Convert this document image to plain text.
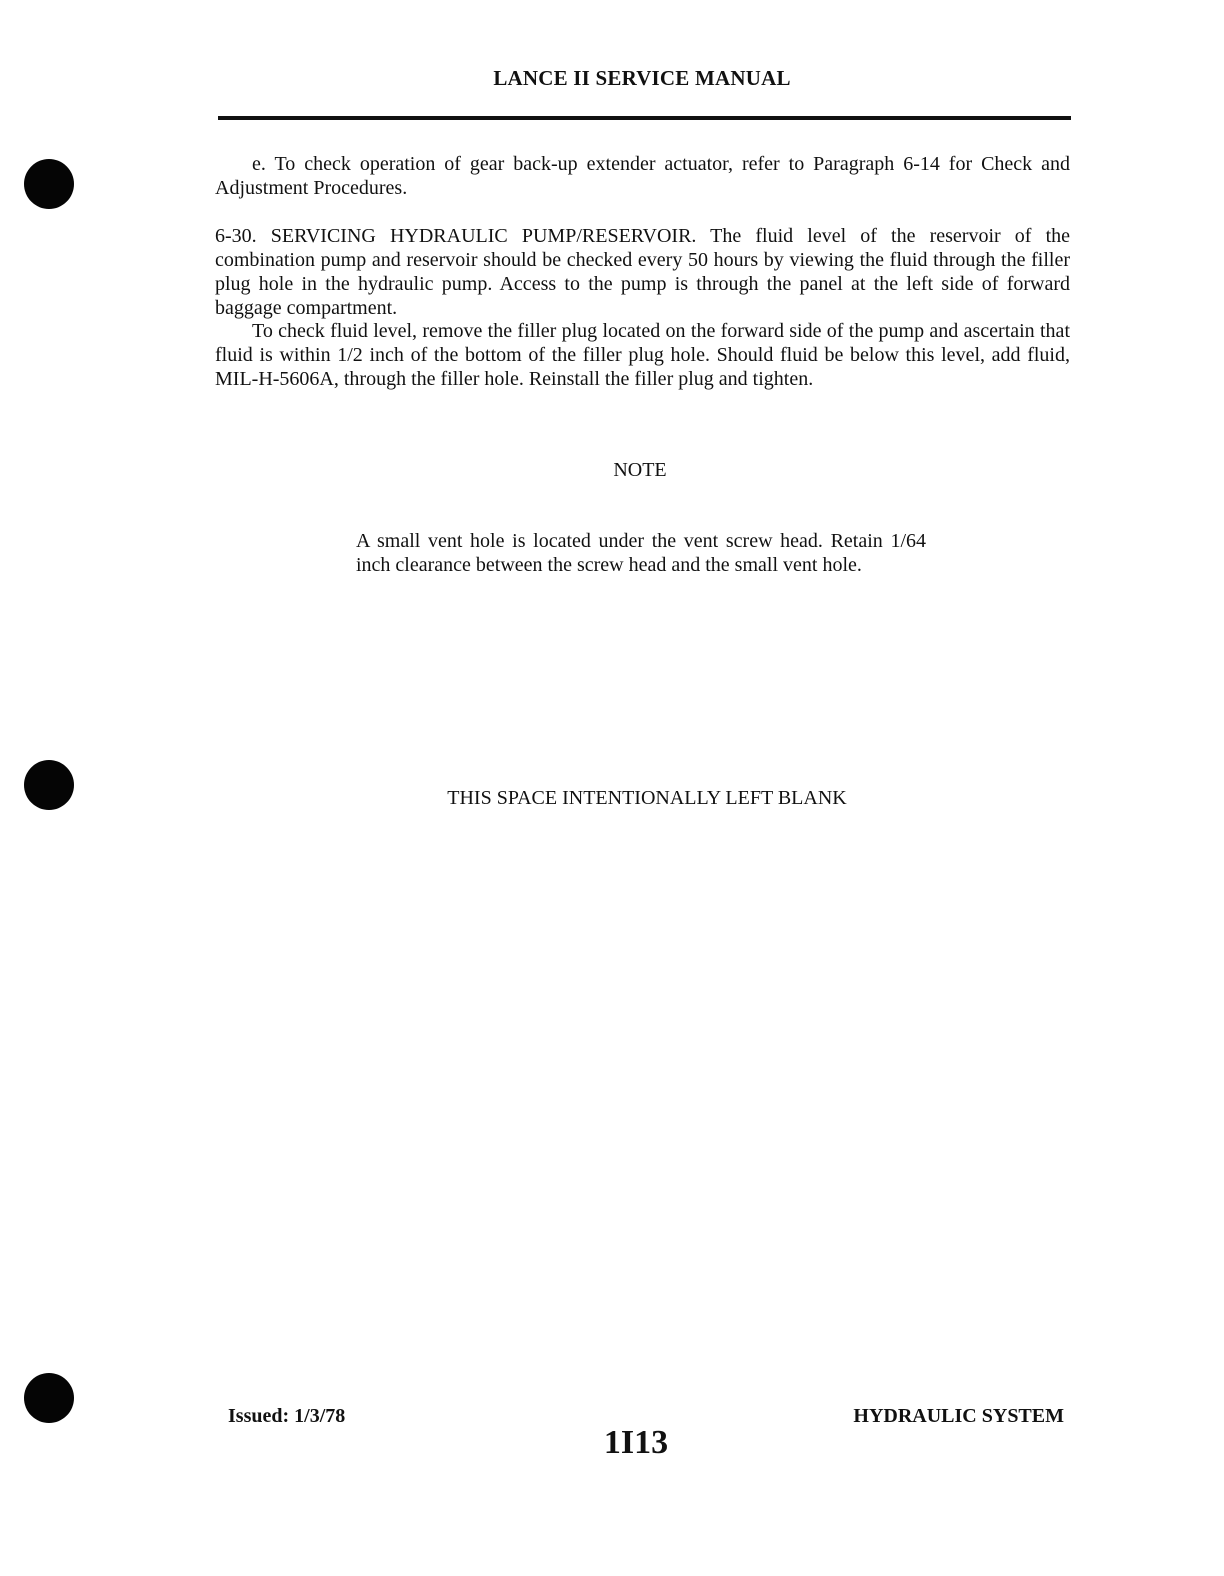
LANCE II SERVICE MANUAL

e. To check operation of gear back-up extender actuator, refer to Paragraph 6-14 for Check and Adjustment Procedures.

6-30. SERVICING HYDRAULIC PUMP/RESERVOIR. The fluid level of the reservoir of the combination pump and reservoir should be checked every 50 hours by viewing the fluid through the filler plug hole in the hydraulic pump. Access to the pump is through the panel at the left side of forward baggage compartment.

To check fluid level, remove the filler plug located on the forward side of the pump and ascertain that fluid is within 1/2 inch of the bottom of the filler plug hole. Should fluid be below this level, add fluid, MIL-H-5606A, through the filler hole. Reinstall the filler plug and tighten.

NOTE
A small vent hole is located under the vent screw head. Retain 1/64 inch clearance between the screw head and the small vent hole.
THIS SPACE INTENTIONALLY LEFT BLANK
Issued: 1/3/78
1I13
HYDRAULIC SYSTEM
